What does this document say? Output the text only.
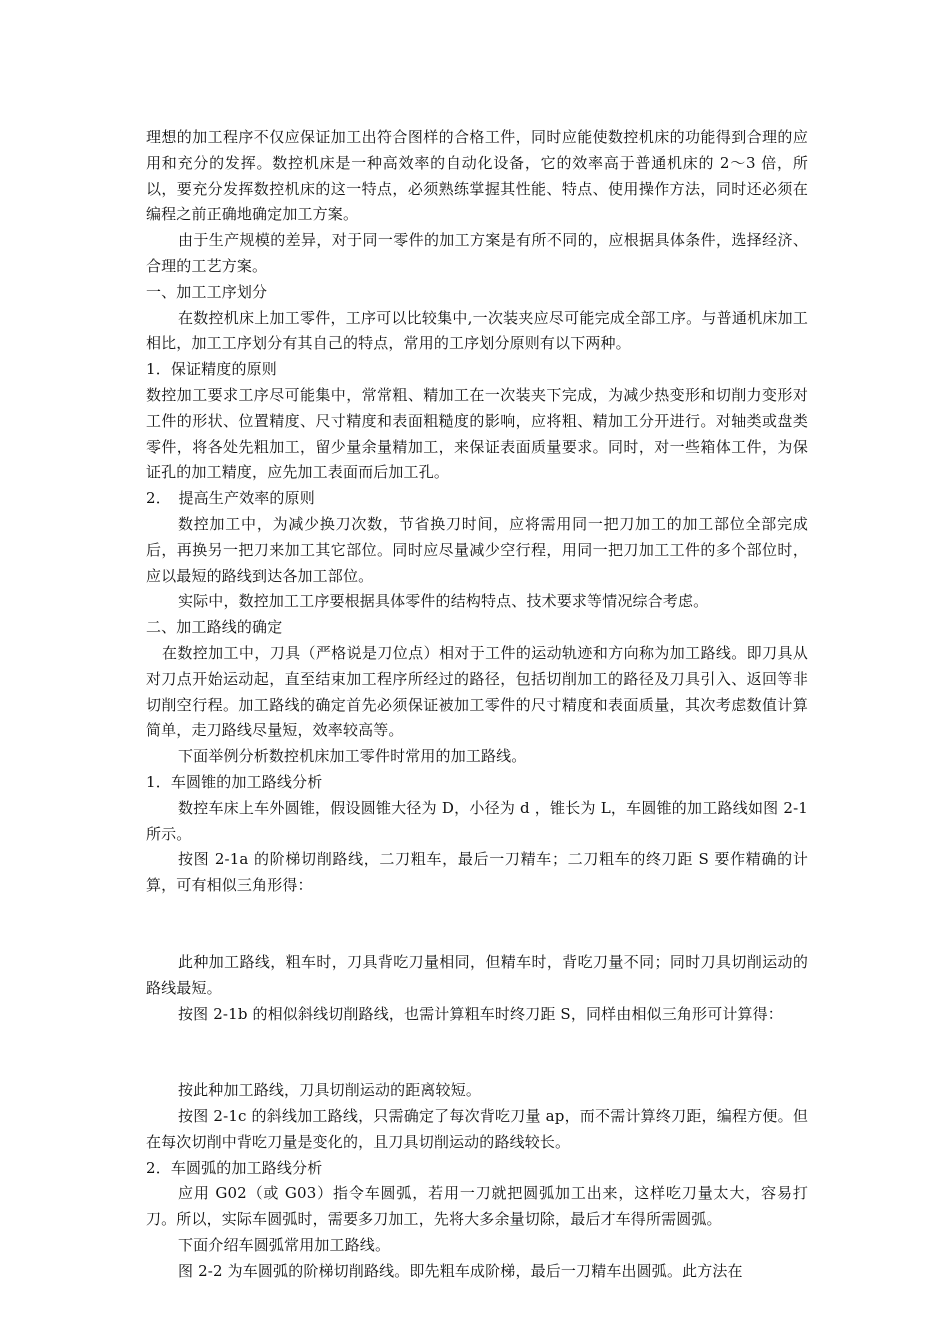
理想的加工程序不仅应保证加工出符合图样的合格工件，同时应能使数控机床的功能得到合理的应用和充分的发挥。数控机床是一种高效率的自动化设备，它的效率高于普通机床的 2～3 倍，所以，要充分发挥数控机床的这一特点，必须熟练掌握其性能、特点、使用操作方法，同时还必须在编程之前正确地确定加工方案。

由于生产规模的差异，对于同一零件的加工方案是有所不同的，应根据具体条件，选择经济、合理的工艺方案。

一、加工工序划分

在数控机床上加工零件，工序可以比较集中,一次装夹应尽可能完成全部工序。与普通机床加工相比，加工工序划分有其自己的特点，常用的工序划分原则有以下两种。

1．保证精度的原则

数控加工要求工序尽可能集中，常常粗、精加工在一次装夹下完成，为减少热变形和切削力变形对工件的形状、位置精度、尺寸精度和表面粗糙度的影响，应将粗、精加工分开进行。对轴类或盘类零件，将各处先粗加工，留少量余量精加工，来保证表面质量要求。同时，对一些箱体工件，为保证孔的加工精度，应先加工表面而后加工孔。

2．　提高生产效率的原则

数控加工中，为减少换刀次数，节省换刀时间，应将需用同一把刀加工的加工部位全部完成后，再换另一把刀来加工其它部位。同时应尽量减少空行程，用同一把刀加工工件的多个部位时，应以最短的路线到达各加工部位。

实际中，数控加工工序要根据具体零件的结构特点、技术要求等情况综合考虑。

二、加工路线的确定

在数控加工中，刀具（严格说是刀位点）相对于工件的运动轨迹和方向称为加工路线。即刀具从对刀点开始运动起，直至结束加工程序所经过的路径，包括切削加工的路径及刀具引入、返回等非切削空行程。加工路线的确定首先必须保证被加工零件的尺寸精度和表面质量，其次考虑数值计算简单，走刀路线尽量短，效率较高等。

下面举例分析数控机床加工零件时常用的加工路线。

1．车圆锥的加工路线分析

数控车床上车外圆锥，假设圆锥大径为 D，小径为 d ，锥长为 L，车圆锥的加工路线如图 2-1 所示。

按图 2-1a 的阶梯切削路线，二刀粗车，最后一刀精车；二刀粗车的终刀距 S 要作精确的计算，可有相似三角形得：

此种加工路线，粗车时，刀具背吃刀量相同，但精车时，背吃刀量不同；同时刀具切削运动的路线最短。

按图 2-1b 的相似斜线切削路线，也需计算粗车时终刀距 S，同样由相似三角形可计算得：

按此种加工路线，刀具切削运动的距离较短。

按图 2-1c 的斜线加工路线，只需确定了每次背吃刀量 ap，而不需计算终刀距，编程方便。但在每次切削中背吃刀量是变化的，且刀具切削运动的路线较长。

2．车圆弧的加工路线分析

应用 G02（或 G03）指令车圆弧，若用一刀就把圆弧加工出来，这样吃刀量太大，容易打刀。所以，实际车圆弧时，需要多刀加工，先将大多余量切除，最后才车得所需圆弧。

下面介绍车圆弧常用加工路线。

图 2-2 为车圆弧的阶梯切削路线。即先粗车成阶梯，最后一刀精车出圆弧。此方法在
